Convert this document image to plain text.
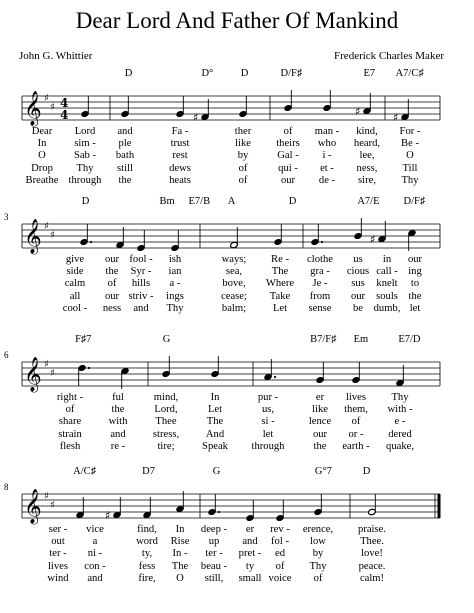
Dear Lord And Father Of Mankind
John G. Whittier	Frederick Charles Maker
D	D°	D	D/F♯	E7 A7/C♯
𝄞 ♯
♯ 4
4	♯	♯	♯
Dear Lord and	Fa -	ther	of man - kind, For -
In	sim - ple	trust	like theirs who heard, Be -
O	Sab - bath	rest	by	Gal - i -	lee,	O
Drop Thy still	dews	of	qui - et - ness, Till
Breathe through the	heats	of	our de - sire, Thy
3
D	Bm E7/B A	D	A7/E D/F♯
𝄞 ♯
♯	♯
give our fool - ish	ways; Re - clothe us in our
side the Syr - ian	sea,	The gra - cious call - ing
calm of hills a -	bove, Where Je - sus knelt to
all our striv - ings	cease; Take from our souls the
cool - ness and Thy	balm;	Let sense be dumb, let
6
F♯7	G	B7/F♯ Em	E7/D
𝄞 ♯
♯
right -	ful	mind,	In	pur -	er lives Thy
of	the	Lord,	Let	us,	like them, with -
share	with	Thee	The	si -	lence of	e -
strain	and	stress,	And	let	our or - dered
flesh	re -	tire;	Speak through	the earth - quake,
8
A/C♯	D7	G	G°7	D
𝄞 ♯
♯
♯
ser - vice	find, In deep - er rev - erence, praise.
out	a	word Rise up and fol - low	Thee.
ter - ni -	ty, In - ter - pret - ed	by	love!
lives con -	fess The beau - ty of Thy	peace.
wind and	fire, O still, small voice of	calm!
